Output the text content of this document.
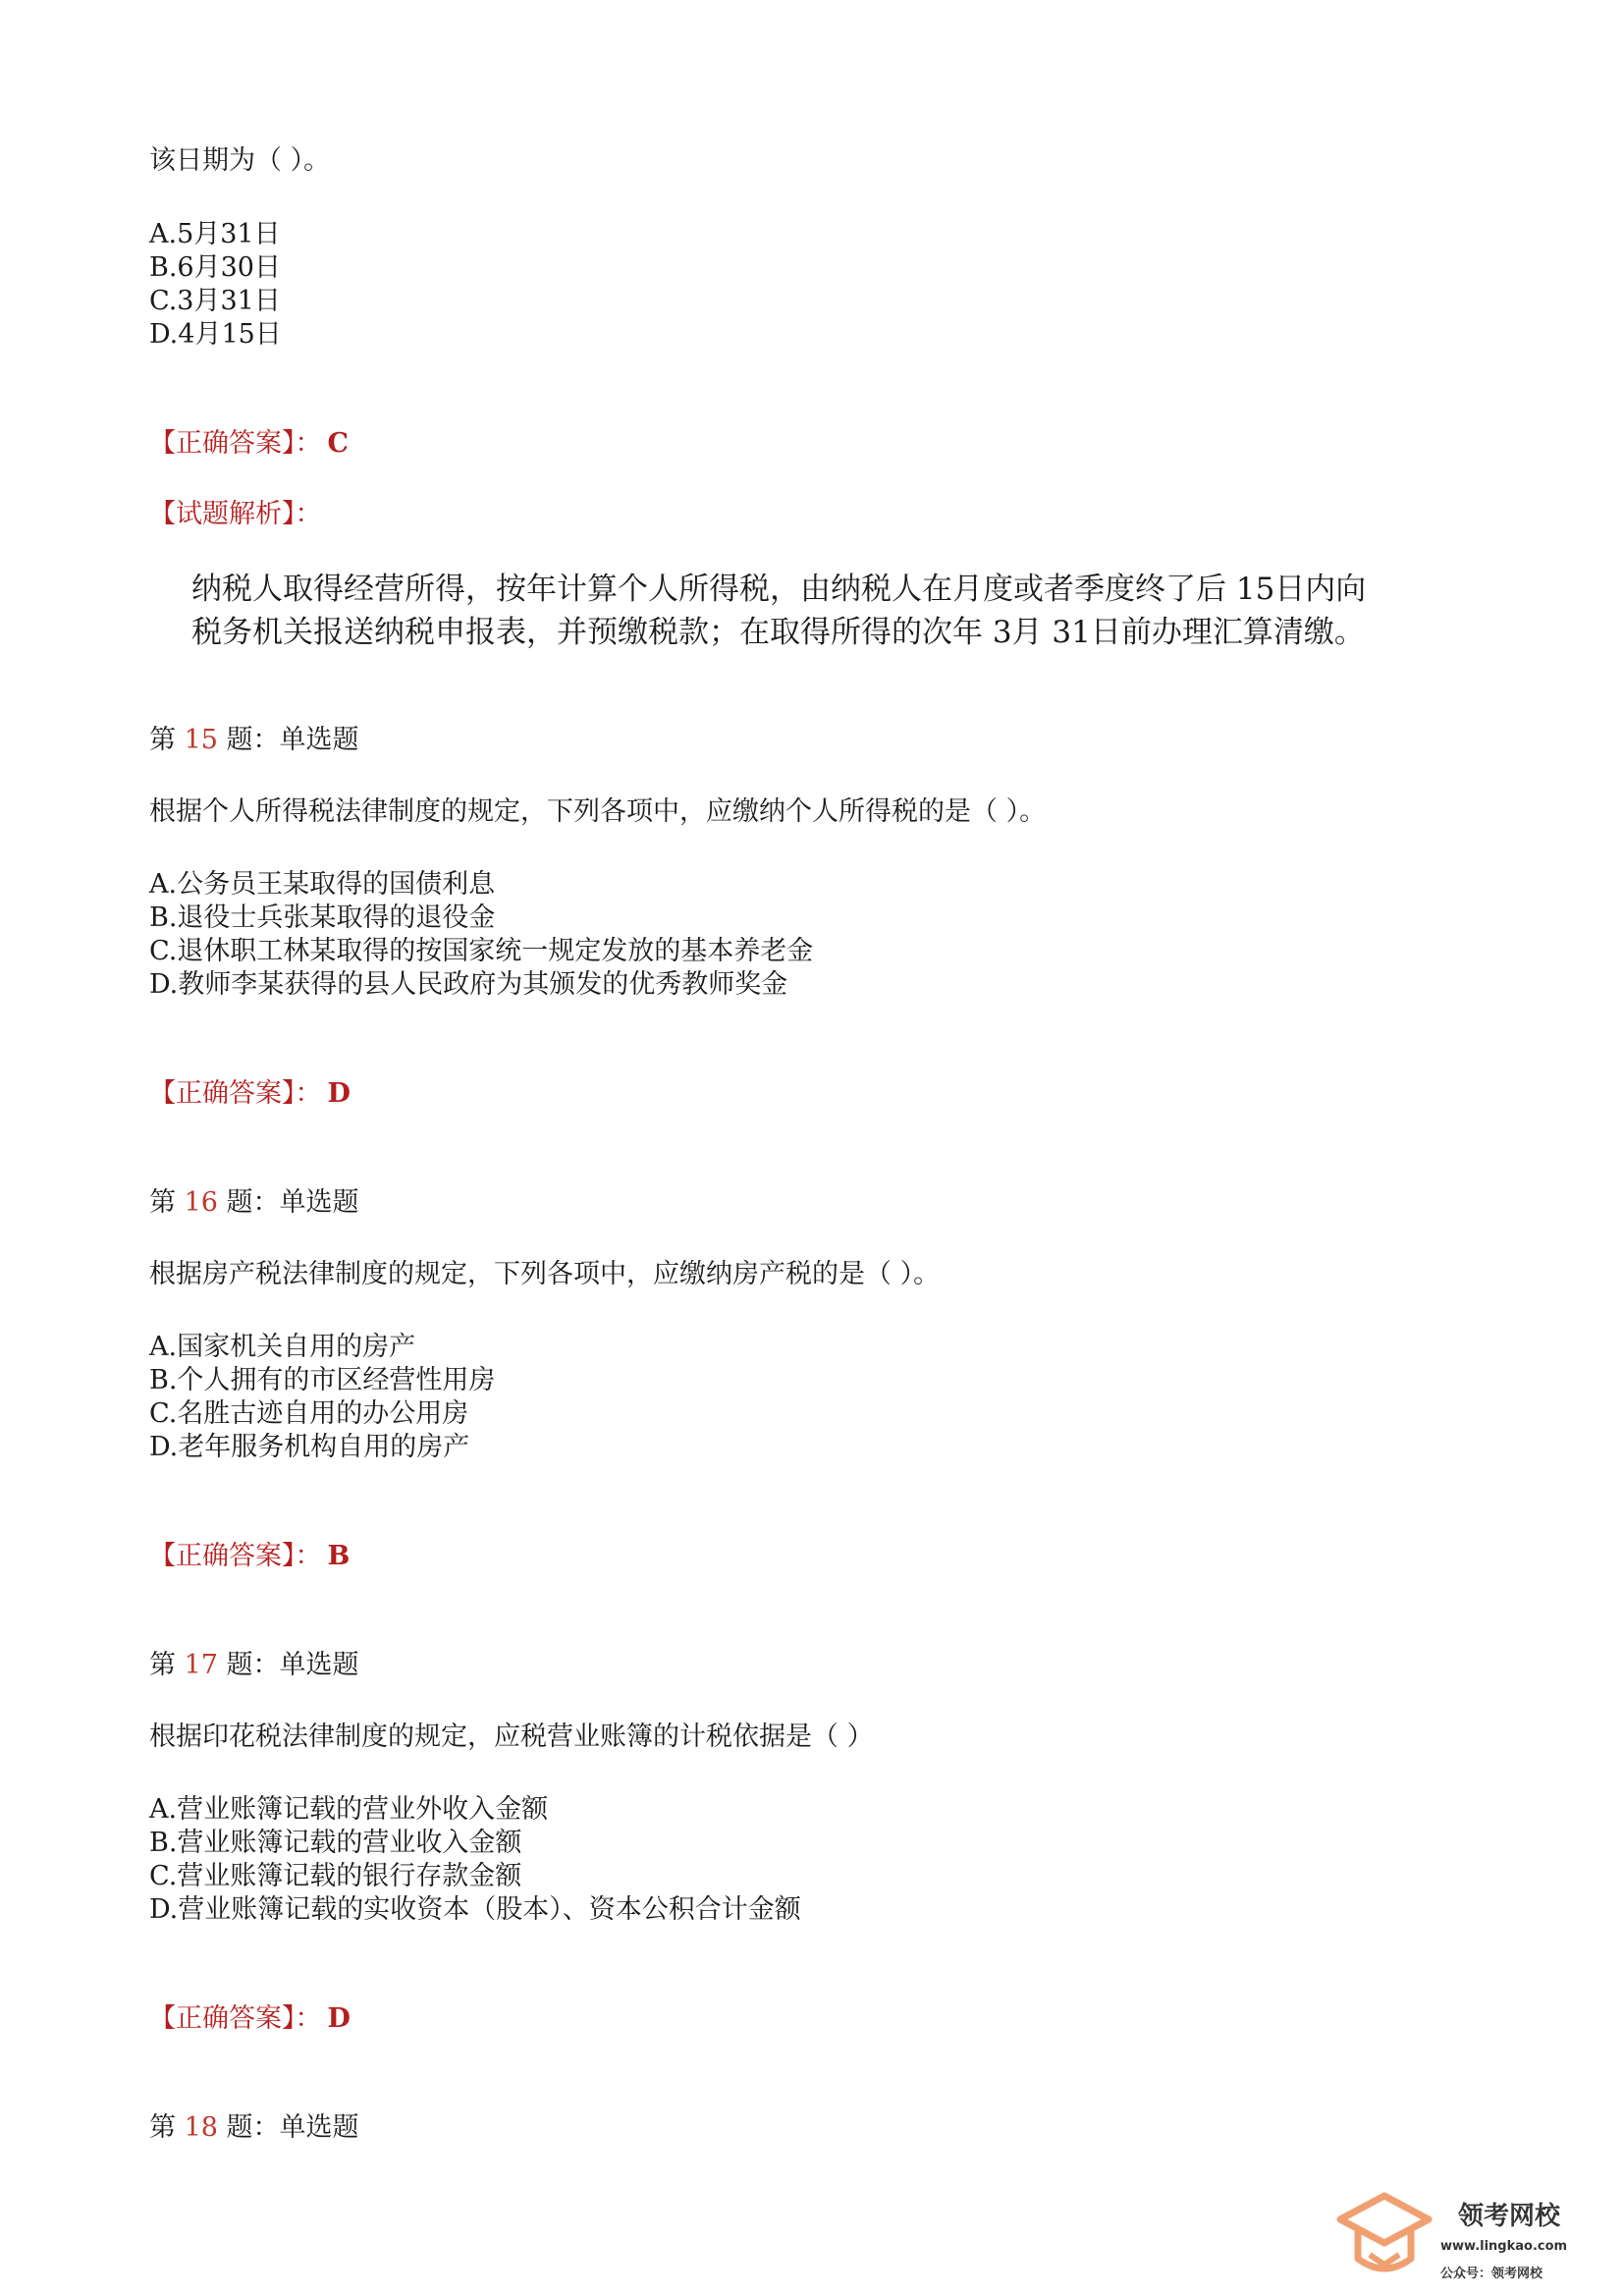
该日期为（ ）。
A.5月31日
B.6月30日
C.3月31日
D.4月15日
【正确答案】： C
【试题解析】：
纳税人取得经营所得，按年计算个人所得税，由纳税人在月度或者季度终了后 15日内向
税务机关报送纳税申报表，并预缴税款；在取得所得的次年 3月 31日前办理汇算清缴。
第 15 题：单选题
根据个人所得税法律制度的规定，下列各项中，应缴纳个人所得税的是（ ）。
A.公务员王某取得的国债利息
B.退役士兵张某取得的退役金
C.退休职工林某取得的按国家统一规定发放的基本养老金
D.教师李某获得的县人民政府为其颁发的优秀教师奖金
【正确答案】： D
第 16 题：单选题
根据房产税法律制度的规定，下列各项中，应缴纳房产税的是（ ）。
A.国家机关自用的房产
B.个人拥有的市区经营性用房
C.名胜古迹自用的办公用房
D.老年服务机构自用的房产
【正确答案】： B
第 17 题：单选题
根据印花税法律制度的规定，应税营业账簿的计税依据是（ ）
A.营业账簿记载的营业外收入金额
B.营业账簿记载的营业收入金额
C.营业账簿记载的银行存款金额
D.营业账簿记载的实收资本（股本）、资本公积合计金额
【正确答案】： D
第 18 题：单选题
领考网校
www.lingkao.com
公众号：领考网校
